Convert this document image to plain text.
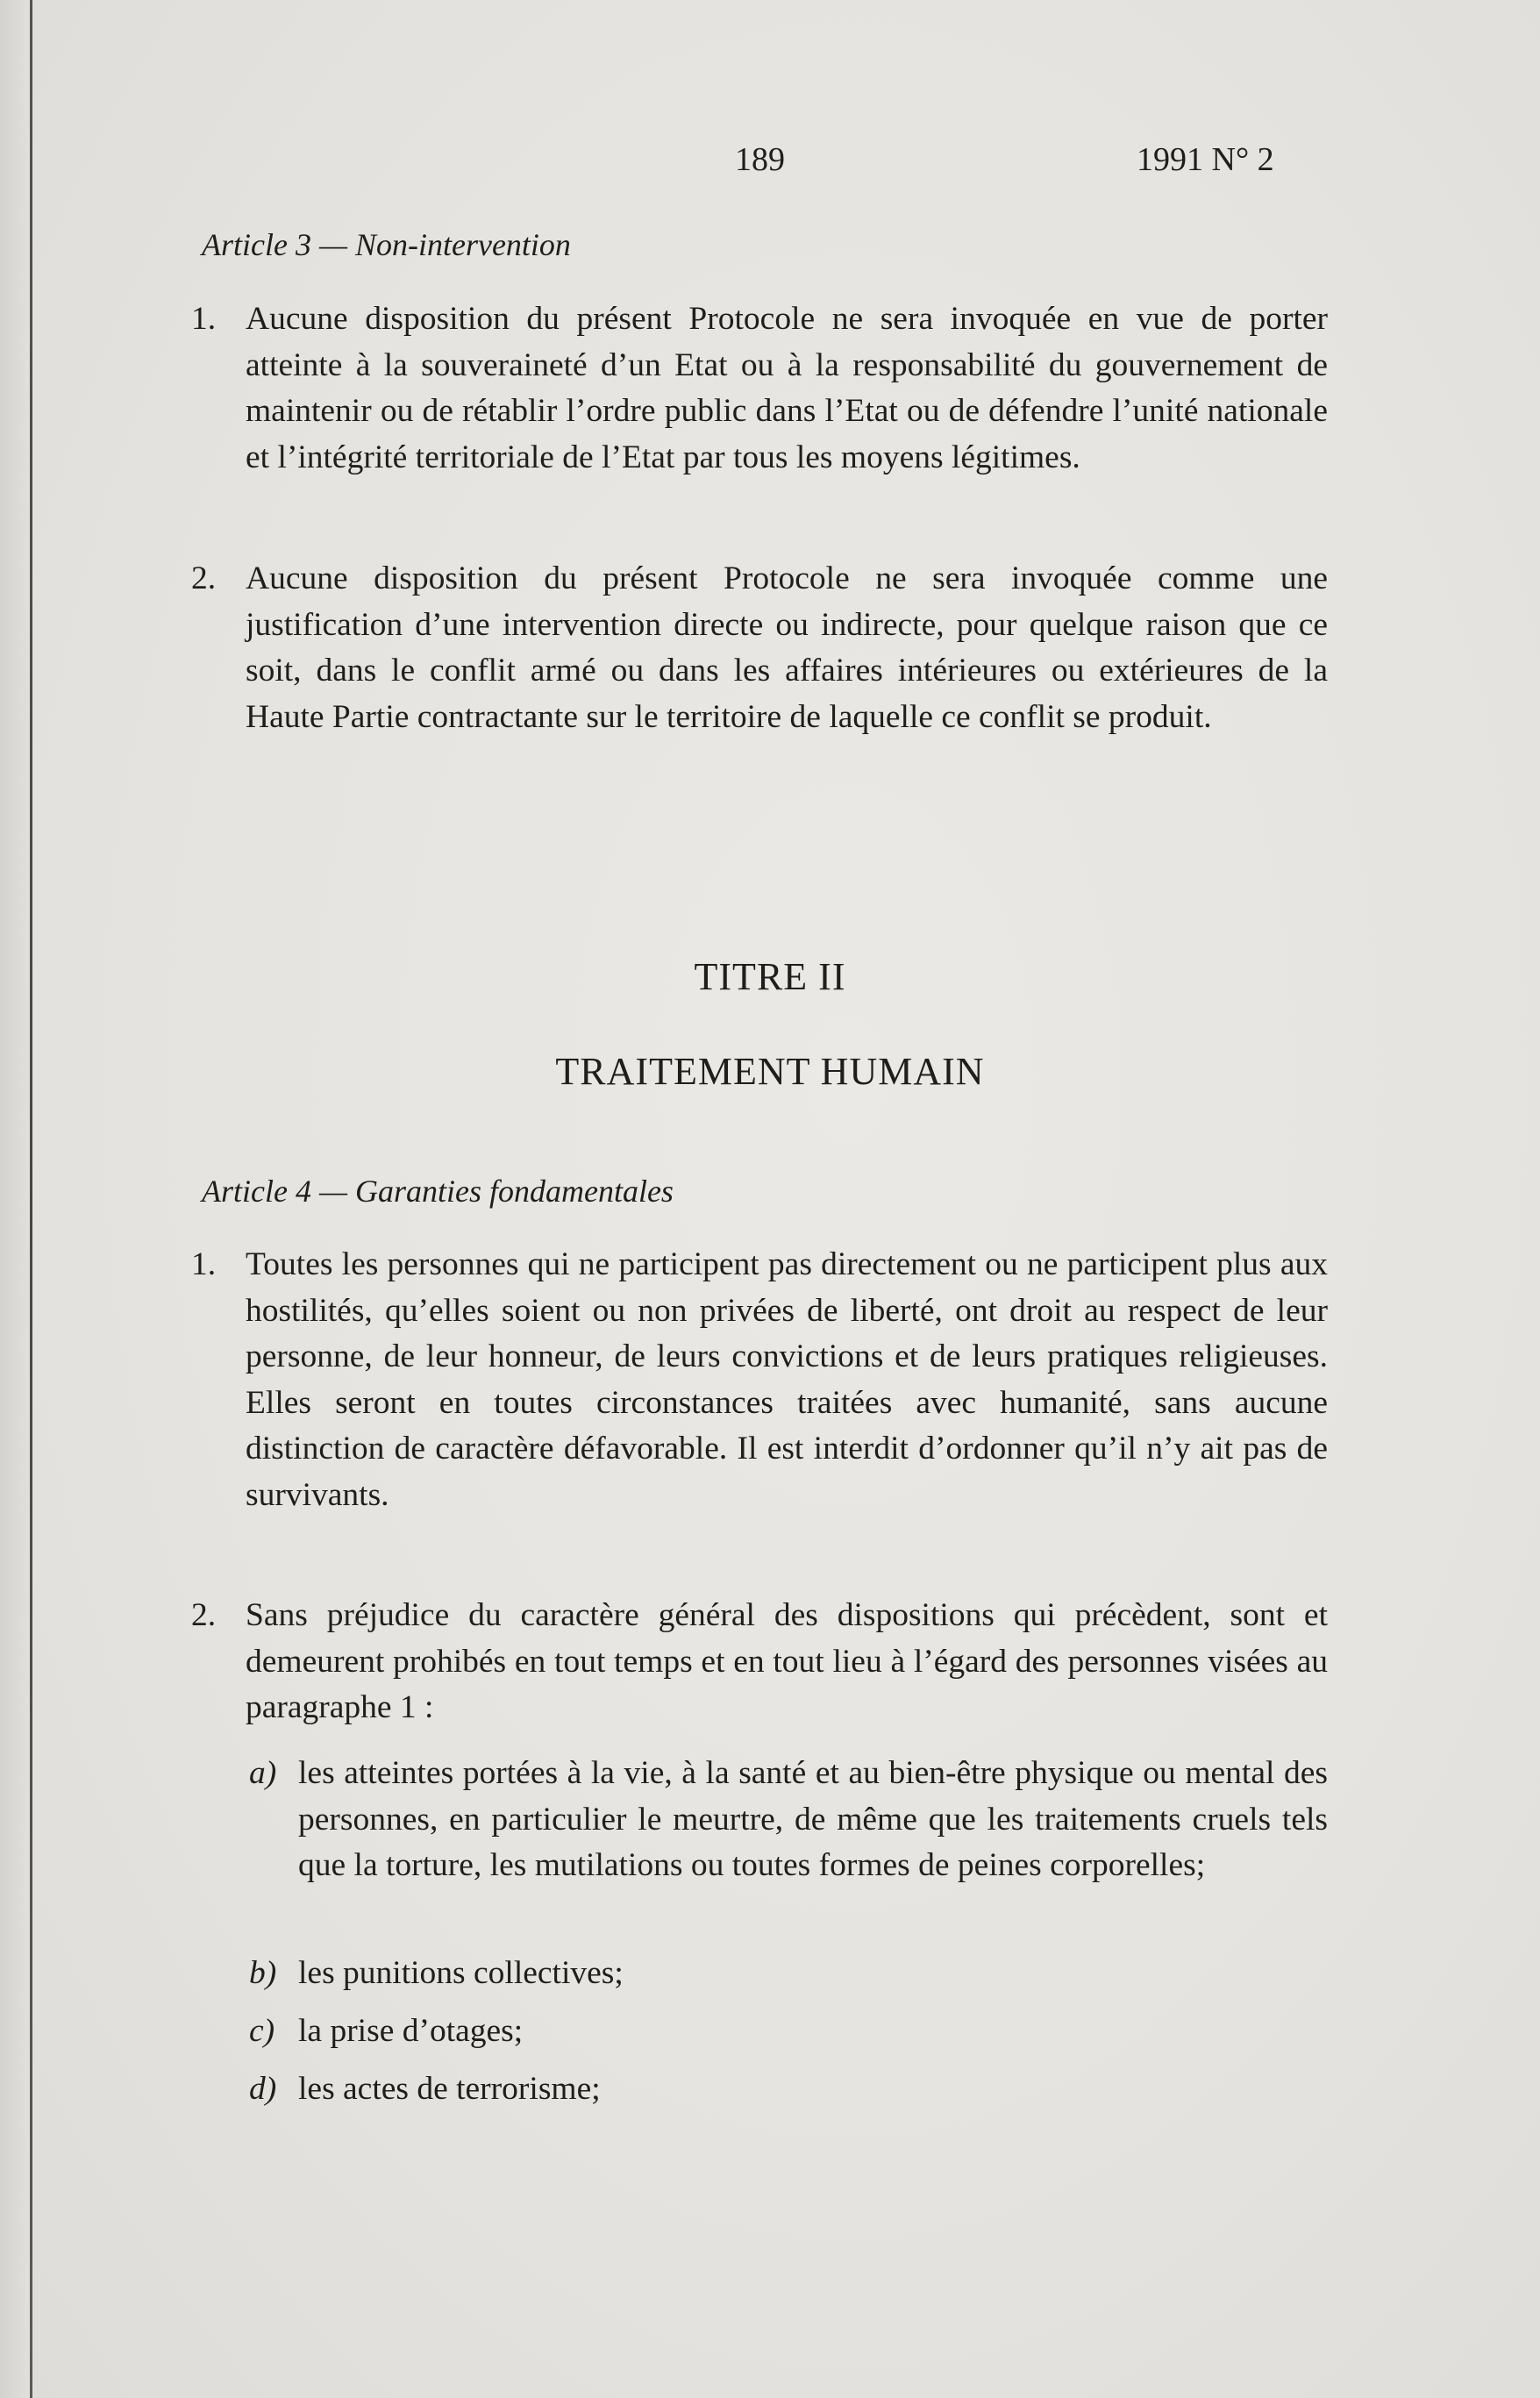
189	1991 N° 2
Article 3 — Non-intervention
1. Aucune disposition du présent Protocole ne sera invoquée en vue de porter atteinte à la souveraineté d’un Etat ou à la responsabilité du gouvernement de maintenir ou de rétablir l’ordre public dans l’Etat ou de défendre l’unité nationale et l’intégrité territoriale de l’Etat par tous les moyens légitimes.
2. Aucune disposition du présent Protocole ne sera invoquée comme une justification d’une intervention directe ou indirecte, pour quelque raison que ce soit, dans le conflit armé ou dans les affaires intérieures ou extérieures de la Haute Partie contractante sur le territoire de laquelle ce conflit se produit.
TITRE II
TRAITEMENT HUMAIN
Article 4 — Garanties fondamentales
1. Toutes les personnes qui ne participent pas directement ou ne participent plus aux hostilités, qu’elles soient ou non privées de liberté, ont droit au respect de leur personne, de leur honneur, de leurs convictions et de leurs pratiques religieuses. Elles seront en toutes circonstances traitées avec humanité, sans aucune distinction de caractère défavorable. Il est interdit d’ordonner qu’il n’y ait pas de survivants.
2. Sans préjudice du caractère général des dispositions qui précèdent, sont et demeurent prohibés en tout temps et en tout lieu à l’égard des personnes visées au paragraphe 1 :
a) les atteintes portées à la vie, à la santé et au bien-être physique ou mental des personnes, en particulier le meurtre, de même que les traitements cruels tels que la torture, les mutilations ou toutes formes de peines corporelles;
b) les punitions collectives;
c) la prise d’otages;
d) les actes de terrorisme;
